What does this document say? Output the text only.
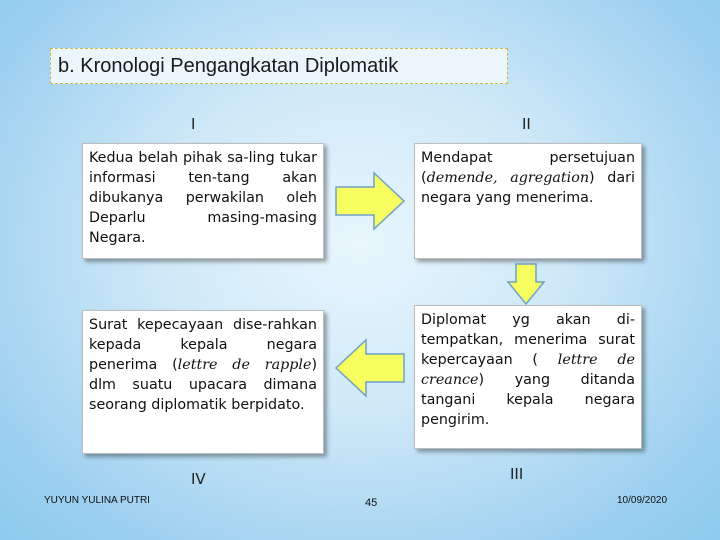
b. Kronologi Pengangkatan Diplomatik
I	II
III
IV
Kedua belah pihak sa-ling tukar informasi ten-tang akan dibukanya perwakilan oleh Deparlu masing-masing Negara.
Mendapat persetujuan (demende, agregation) dari negara yang menerima.
Surat kepecayaan dise-rahkan kepada kepala negara penerima (lettre de rapple) dlm suatu upacara dimana seorang diplomatik berpidato.
Diplomat yg akan di-tempatkan, menerima surat kepercayaan ( lettre de creance) yang ditanda tangani kepala negara pengirim.
YUYUN YULINA PUTRI	45	10/09/2020
